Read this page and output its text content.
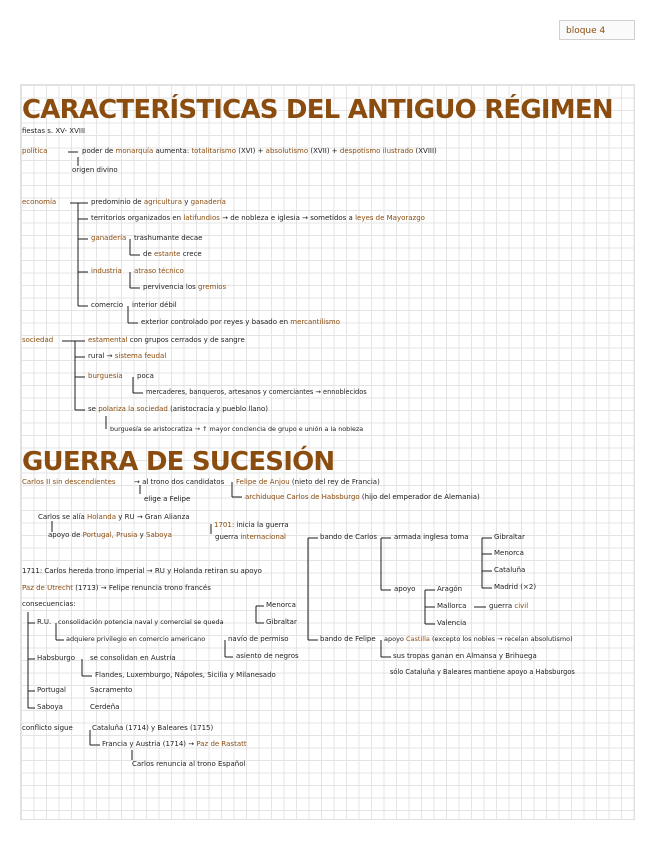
bloque 4
CARACTERÍSTICAS DEL ANTIGUO RÉGIMEN
fiestas s. XV- XVIII
política	poder de monarquía aumenta: totalitarismo (XVI) + absolutismo (XVII) + despotismo ilustrado (XVIII)
origen divino
economía	predominio de agricultura y ganadería
territorios organizados en latifundios → de nobleza e iglesia → sometidos a leyes de Mayorazgo
ganadería trashumante decae
de estante crece
industria atraso técnico
pervivencia los gremios
comercio interior débil
exterior controlado por reyes y basado en mercantilismo
sociedad	estamental con grupos cerrados y de sangre
rural → sistema feudal
burguesía poca
mercaderes, banqueros, artesanos y comerciantes → ennoblecidos
se polariza la sociedad (aristocracia y pueblo llano)
burguesía se aristocratiza → ↑ mayor conciencia de grupo e unión a la nobleza
GUERRA DE SUCESIÓN
Carlos II sin descendientes	→ al trono dos candidatos Felipe de Anjou (nieto del rey de Francia)
archiduque Carlos de Habsburgo (hijo del emperador de Alemania)
elige a Felipe
Carlos se alía Holanda y RU → Gran Alianza
apoyo de Portugal, Prusia y Saboya
1701: inicia la guerra
guerra internacional	bando de Carlos armada inglesa toma	Gibraltar
Menorca
Cataluña
Madrid (×2)
apoyo	Aragón
Mallorca	guerra civil
Valencia
1711: Carlos hereda trono imperial → RU y Holanda retiran su apoyo
Paz de Utrecht (1713) → Felipe renuncia trono francés
consecuencias:
R.U. consolidación potencia naval y comercial se queda
Menorca
Gibraltar
adquiere privilegio en comercio americano	navío de permiso
asiento de negros
bando de Felipe apoyo Castilla (excepto los nobles → recelan absolutismo)
sus tropas ganan en Almansa y Brihuega
sólo Cataluña y Baleares mantiene apoyo a Habsburgos
Habsburgo se consolidan en Austria
Flandes, Luxemburgo, Nápoles, Sicilia y Milanesado
Portugal	Sacramento
Saboya	Cerdeña
conflicto sigue	Cataluña (1714) y Baleares (1715)
Francia y Austria (1714) → Paz de Rastatt
Carlos renuncia al trono Español
